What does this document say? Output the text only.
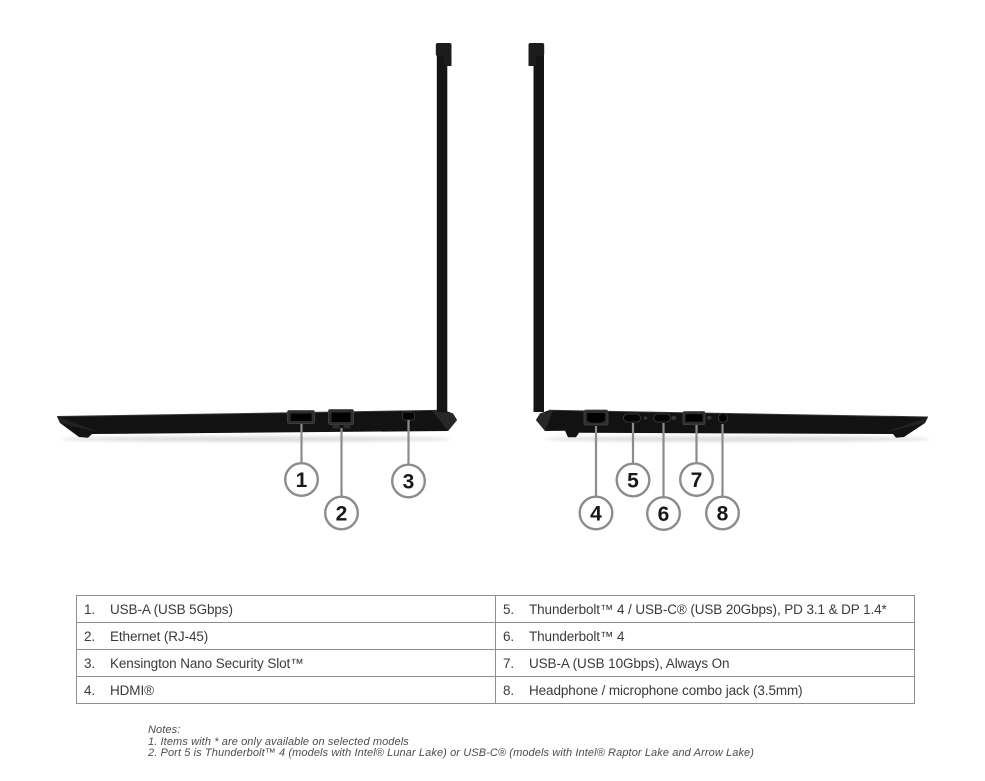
1
2
3
4
5
6
7
8
1.	USB-A (USB 5Gbps)
2.	Ethernet (RJ-45)
3.	Kensington Nano Security Slot™
4.	HDMI®
5.	Thunderbolt™ 4 / USB-C® (USB 20Gbps), PD 3.1 & DP 1.4*
6.	Thunderbolt™ 4
7.	USB-A (USB 10Gbps), Always On
8.	Headphone / microphone combo jack (3.5mm)
Notes:
1. Items with * are only available on selected models
2. Port 5 is Thunderbolt™ 4 (models with Intel® Lunar Lake) or USB-C® (models with Intel® Raptor Lake and Arrow Lake)
